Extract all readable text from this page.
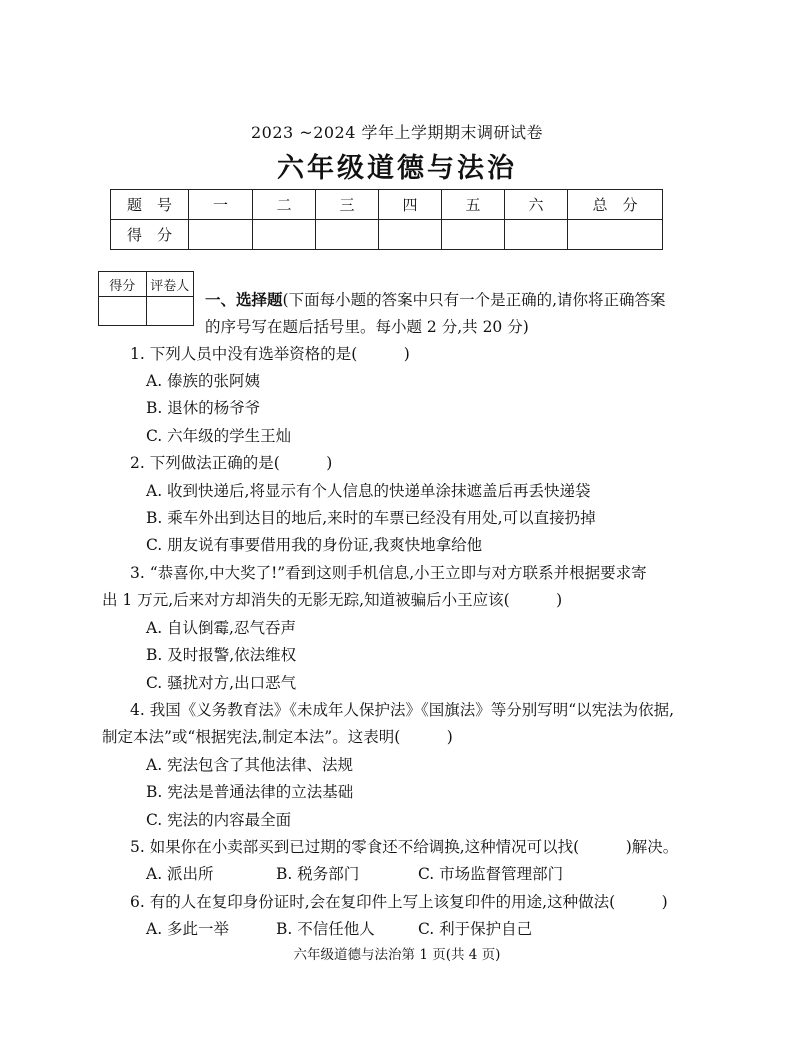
2023 ~2024 学年上学期期末调研试卷
六年级道德与法治
题　号	一	二	三	四	五	六	总　分
得　分							
得分	评卷人

一、选择题(下面每小题的答案中只有一个是正确的,请你将正确答案
的序号写在题后括号里。每小题 2 分,共 20 分)
1. 下列人员中没有选举资格的是(　　　)
A. 傣族的张阿姨
B. 退休的杨爷爷
C. 六年级的学生王灿
2. 下列做法正确的是(　　　)
A. 收到快递后,将显示有个人信息的快递单涂抹遮盖后再丢快递袋
B. 乘车外出到达目的地后,来时的车票已经没有用处,可以直接扔掉
C. 朋友说有事要借用我的身份证,我爽快地拿给他
3. “恭喜你,中大奖了!”看到这则手机信息,小王立即与对方联系并根据要求寄
出 1 万元,后来对方却消失的无影无踪,知道被骗后小王应该(　　　)
A. 自认倒霉,忍气吞声
B. 及时报警,依法维权
C. 骚扰对方,出口恶气
4. 我国《义务教育法》《未成年人保护法》《国旗法》等分别写明“以宪法为依据,
制定本法”或“根据宪法,制定本法”。这表明(　　　)
A. 宪法包含了其他法律、法规
B. 宪法是普通法律的立法基础
C. 宪法的内容最全面
5. 如果你在小卖部买到已过期的零食还不给调换,这种情况可以找(　　　)解决。
A. 派出所	B. 税务部门	C. 市场监督管理部门
6. 有的人在复印身份证时,会在复印件上写上该复印件的用途,这种做法(　　　)
A. 多此一举	B. 不信任他人	C. 利于保护自己
六年级道德与法治第 1 页(共 4 页)
